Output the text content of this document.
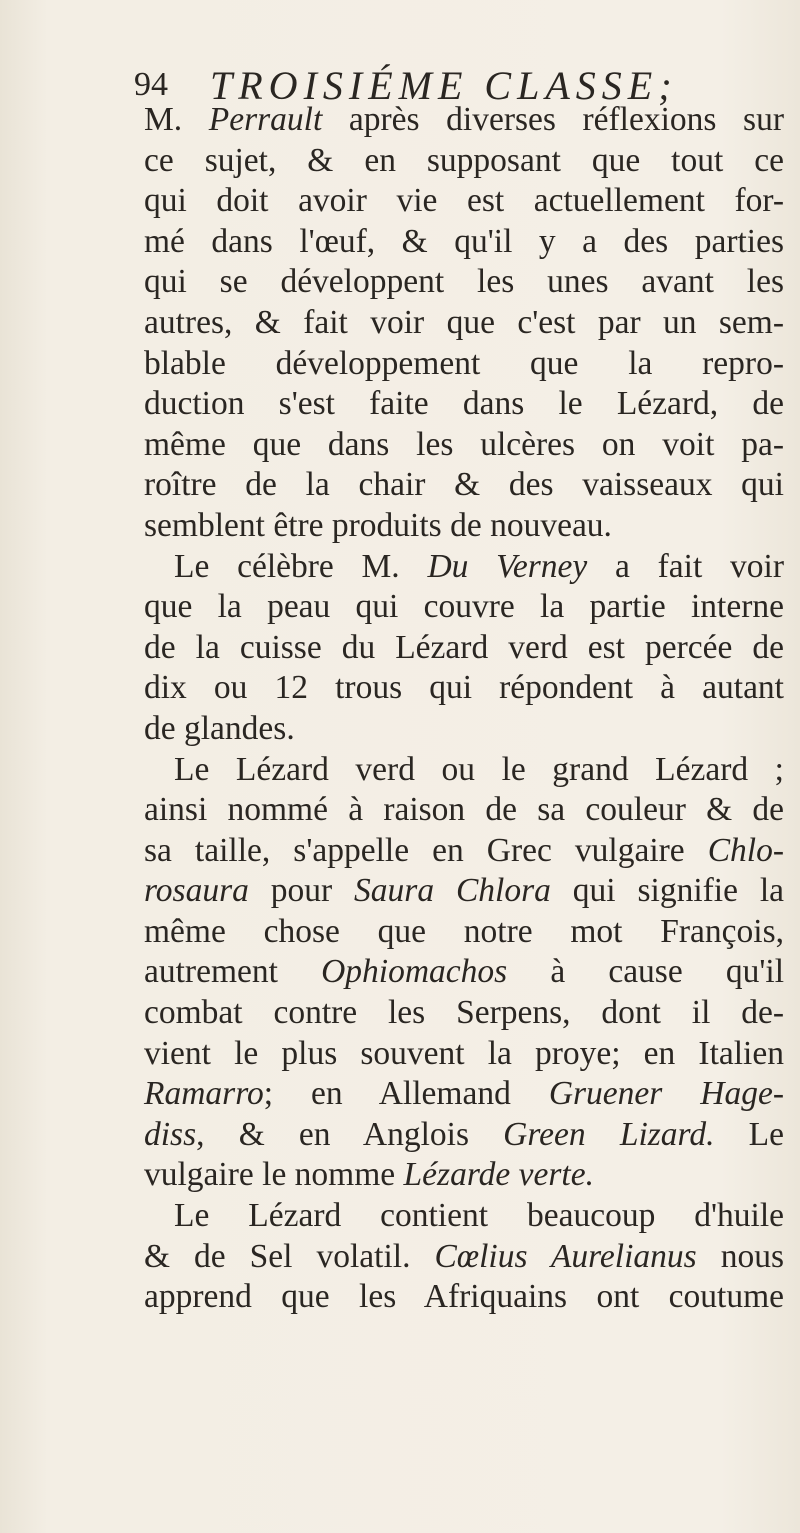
94 TROISIÉME CLASSE;
M. Perrault après diverses réflexions sur
ce sujet, & en supposant que tout ce
qui doit avoir vie est actuellement for-
mé dans l'œuf, & qu'il y a des parties
qui se développent les unes avant les
autres, & fait voir que c'est par un sem-
blable développement que la repro-
duction s'est faite dans le Lézard, de
même que dans les ulcères on voit pa-
roître de la chair & des vaisseaux qui
semblent être produits de nouveau.
Le célèbre M. Du Verney a fait voir
que la peau qui couvre la partie interne
de la cuisse du Lézard verd est percée de
dix ou 12 trous qui répondent à autant
de glandes.
Le Lézard verd ou le grand Lézard ;
ainsi nommé à raison de sa couleur & de
sa taille, s'appelle en Grec vulgaire Chlo-
rosaura pour Saura Chlora qui signifie la
même chose que notre mot François,
autrement Ophiomachos à cause qu'il
combat contre les Serpens, dont il de-
vient le plus souvent la proye; en Italien
Ramarro; en Allemand Gruener Hage-
diss, & en Anglois Green Lizard. Le
vulgaire le nomme Lézarde verte.
Le Lézard contient beaucoup d'huile
& de Sel volatil. Cœlius Aurelianus nous
apprend que les Afriquains ont coutume
